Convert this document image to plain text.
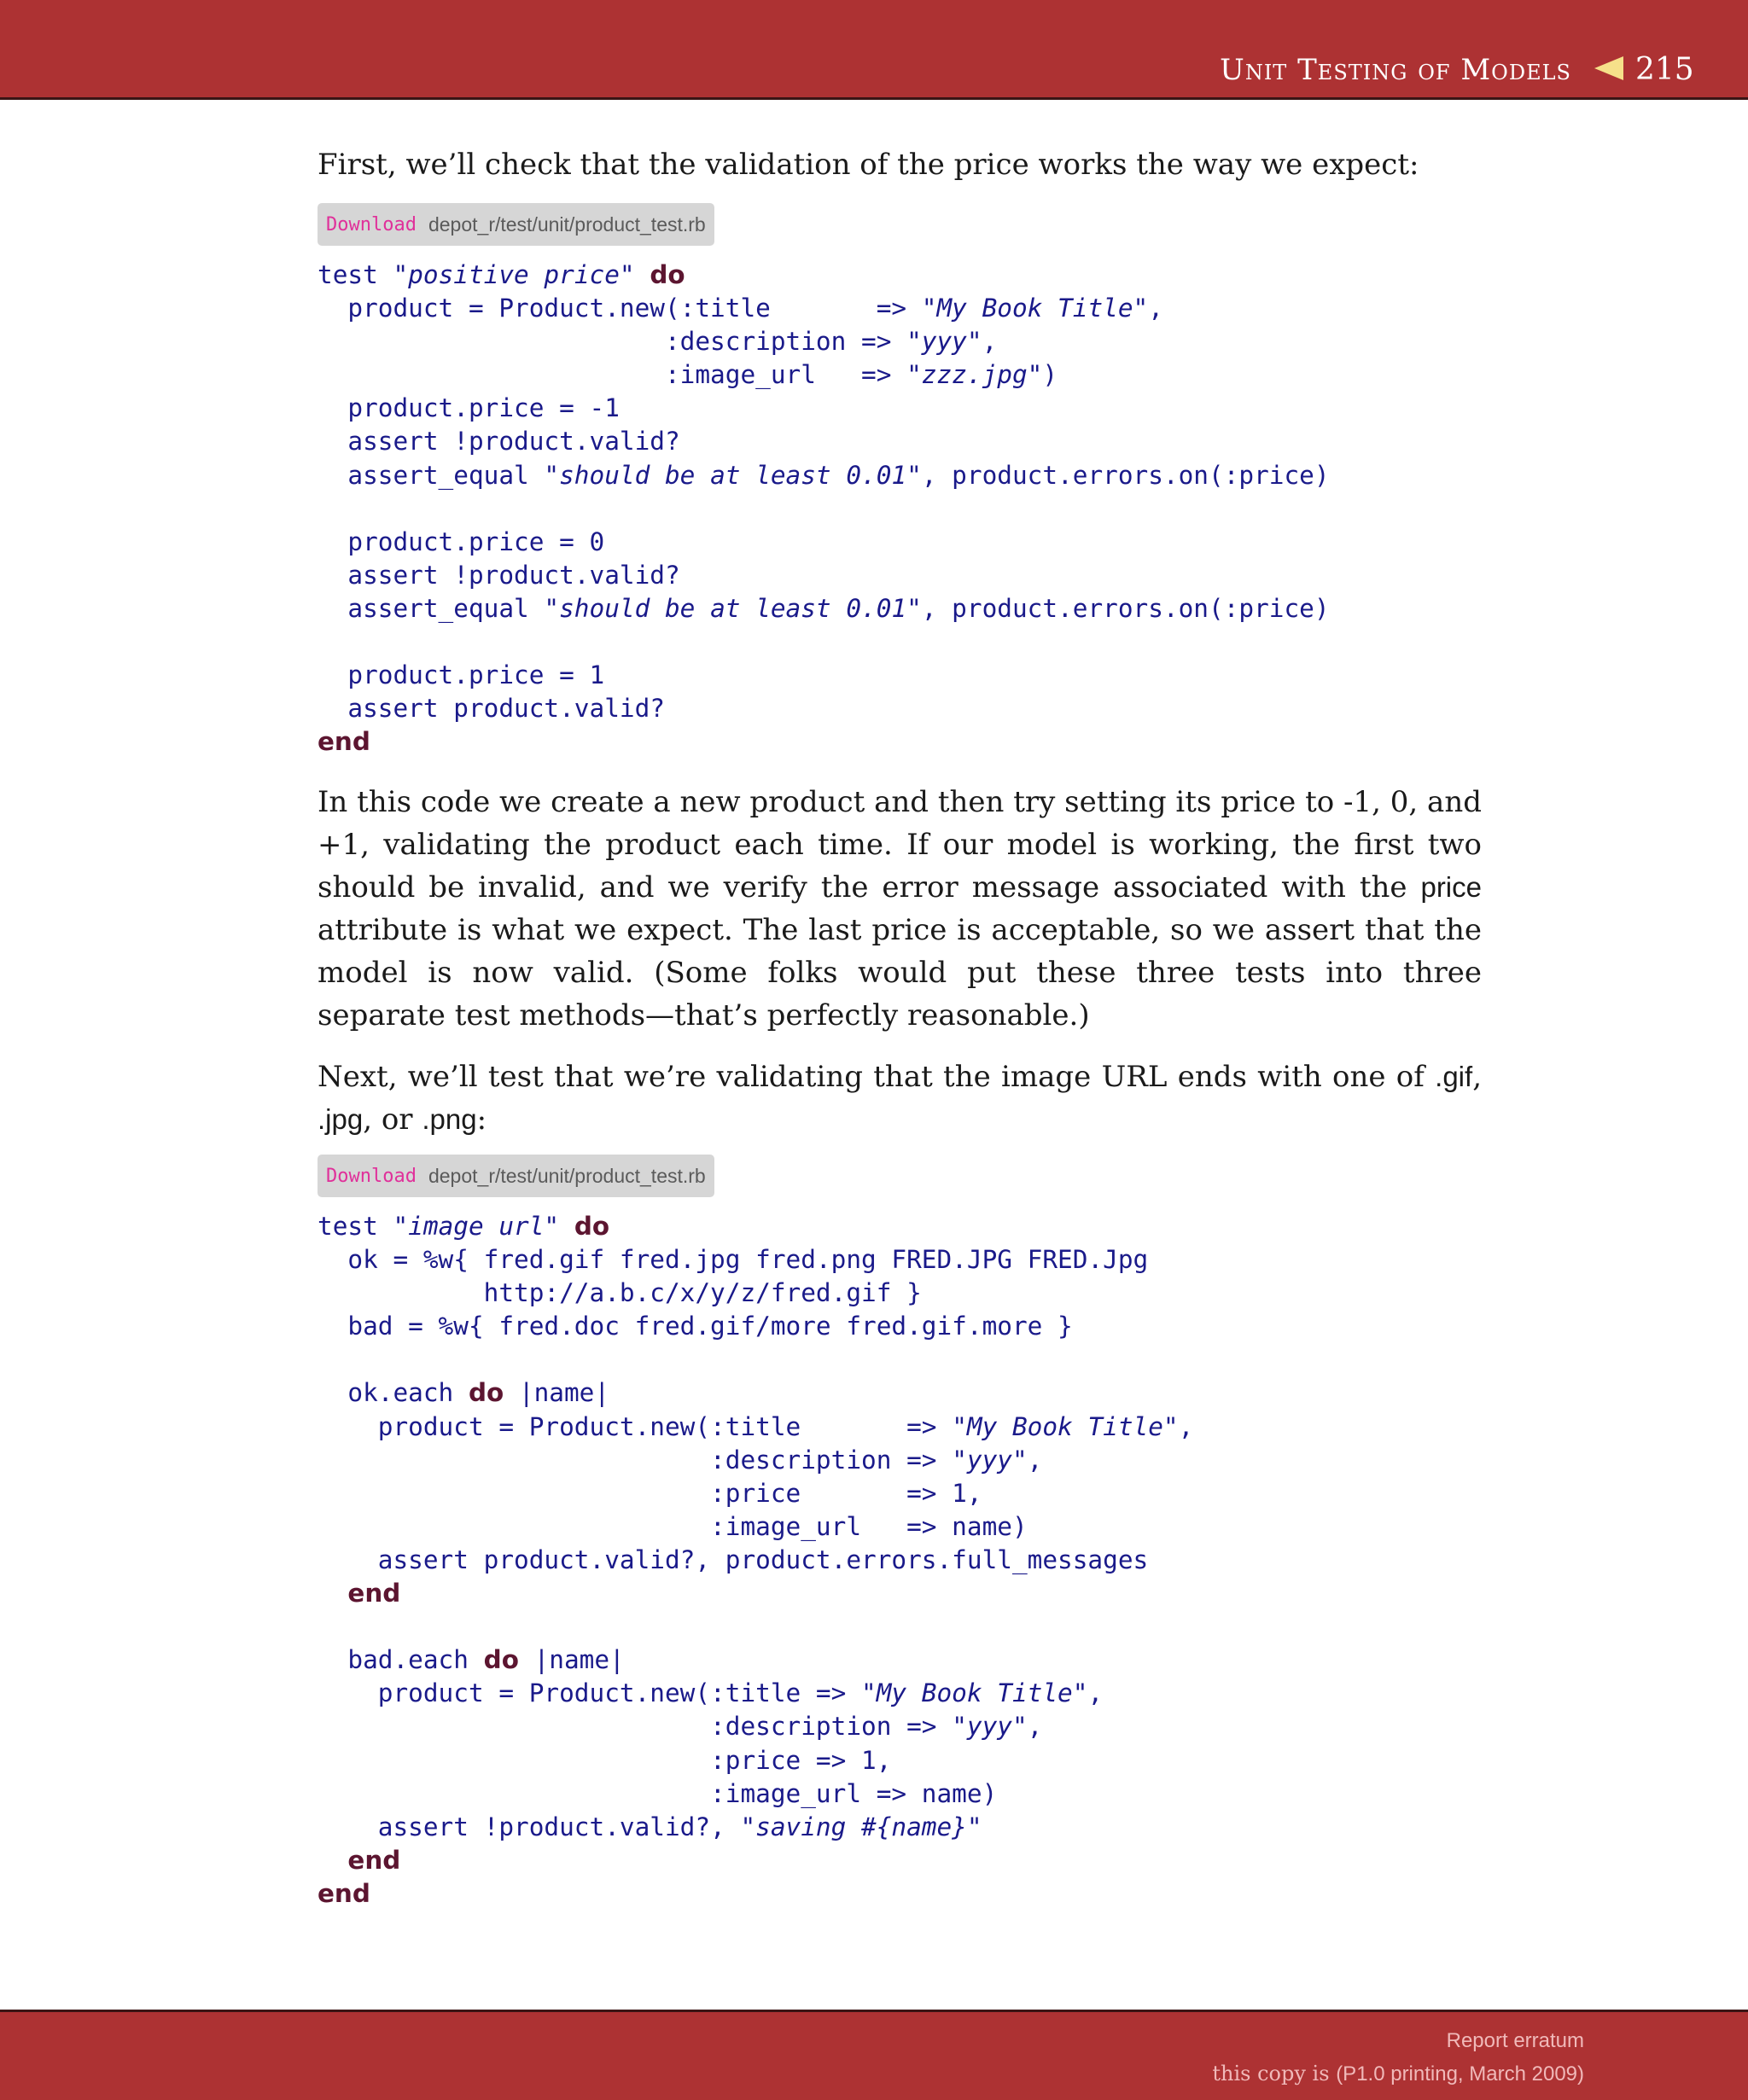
Unit Testing of Models 215

First, we’ll check that the validation of the price works the way we expect:

Download depot_r/test/unit/product_test.rb
test "positive price" do
product = Product.new(:title       => "My Book Title",
:description => "yyy",
:image_url   => "zzz.jpg")
product.price = -1
assert !product.valid?
assert_equal "should be at least 0.01", product.errors.on(:price)

product.price = 0
assert !product.valid?
assert_equal "should be at least 0.01", product.errors.on(:price)

product.price = 1
assert product.valid?
end

In this code we create a new product and then try setting its price to -1, 0, and +1, validating the product each time. If our model is working, the first two should be invalid, and we verify the error message associated with the price attribute is what we expect. The last price is acceptable, so we assert that the model is now valid. (Some folks would put these three tests into three separate test methods—that’s perfectly reasonable.)

Next, we’ll test that we’re validating that the image URL ends with one of .gif, .jpg, or .png:

Download depot_r/test/unit/product_test.rb
test "image url" do
ok = %w{ fred.gif fred.jpg fred.png FRED.JPG FRED.Jpg
http://a.b.c/x/y/z/fred.gif }
bad = %w{ fred.doc fred.gif/more fred.gif.more }

ok.each do |name|
product = Product.new(:title       => "My Book Title",
:description => "yyy",
:price       => 1,
:image_url   => name)
assert product.valid?, product.errors.full_messages
end

bad.each do |name|
product = Product.new(:title => "My Book Title",
:description => "yyy",
:price => 1,
:image_url => name)
assert !product.valid?, "saving #{name}"
end
end
Report erratum
this copy is (P1.0 printing, March 2009)
